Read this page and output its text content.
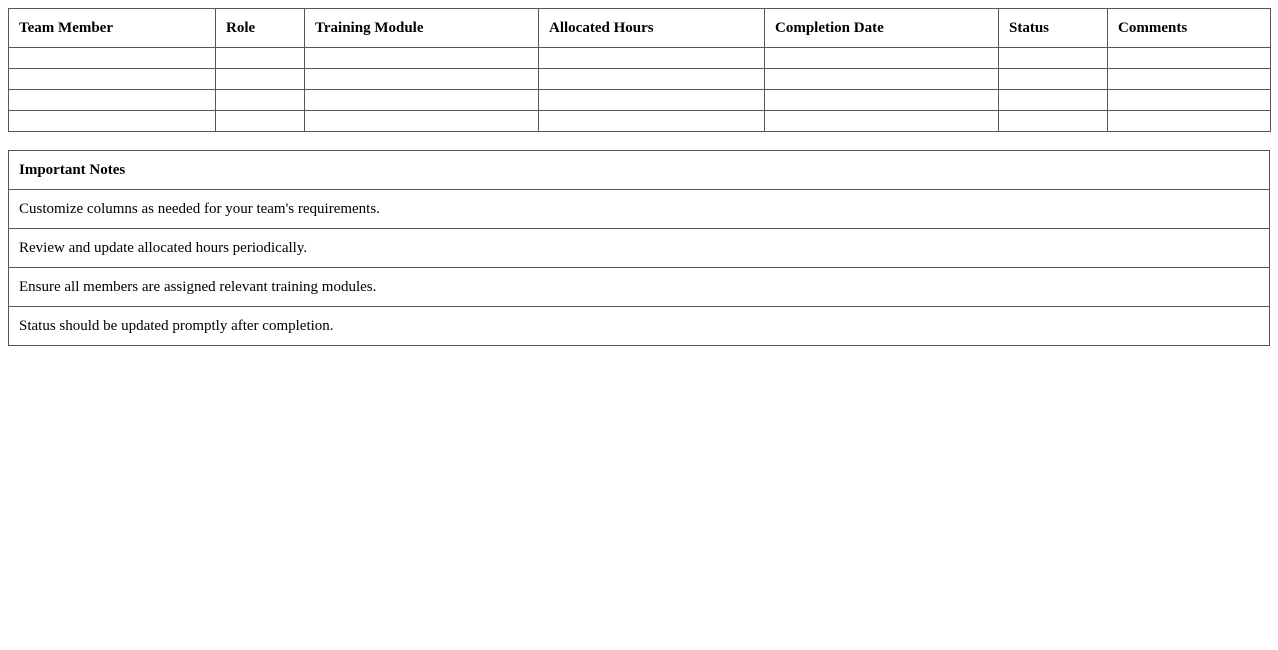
Team Member	Role	Training Module	Allocated Hours	Completion Date	Status	Comments

Important Notes
Customize columns as needed for your team's requirements.
Review and update allocated hours periodically.
Ensure all members are assigned relevant training modules.
Status should be updated promptly after completion.
